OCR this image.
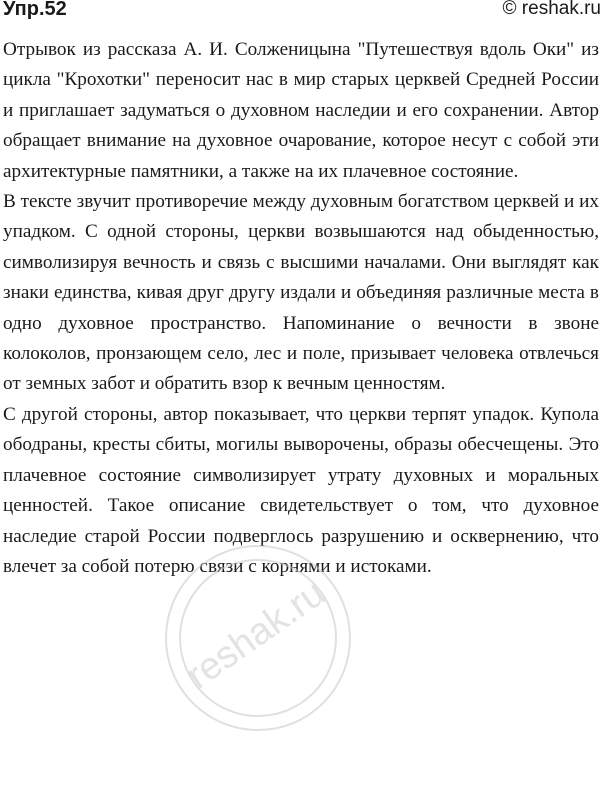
Упр.52	© reshak.ru

Отрывок из рассказа А. И. Солженицына "Путешествуя вдоль Оки" из цикла "Крохотки" переносит нас в мир старых церквей Средней России и приглашает задуматься о духовном наследии и его сохранении. Автор обращает внимание на духовное очарование, которое несут с собой эти архитектурные памятники, а также на их плачевное состояние.

В тексте звучит противоречие между духовным богатством церквей и их упадком. С одной стороны, церкви возвышаются над обыденностью, символизируя вечность и связь с высшими началами. Они выглядят как знаки единства, кивая друг другу издали и объединяя различные места в одно духовное пространство. Напоминание о вечности в звоне колоколов, пронзающем село, лес и поле, призывает человека отвлечься от земных забот и обратить взор к вечным ценностям.

С другой стороны, автор показывает, что церкви терпят упадок. Купола ободраны, кресты сбиты, могилы выворочены, образы обесчещены. Это плачевное состояние символизирует утрату духовных и моральных ценностей. Такое описание свидетельствует о том, что духовное наследие старой России подверглось разрушению и осквернению, что влечет за собой потерю связи с корнями и истоками.

reshak.ru
